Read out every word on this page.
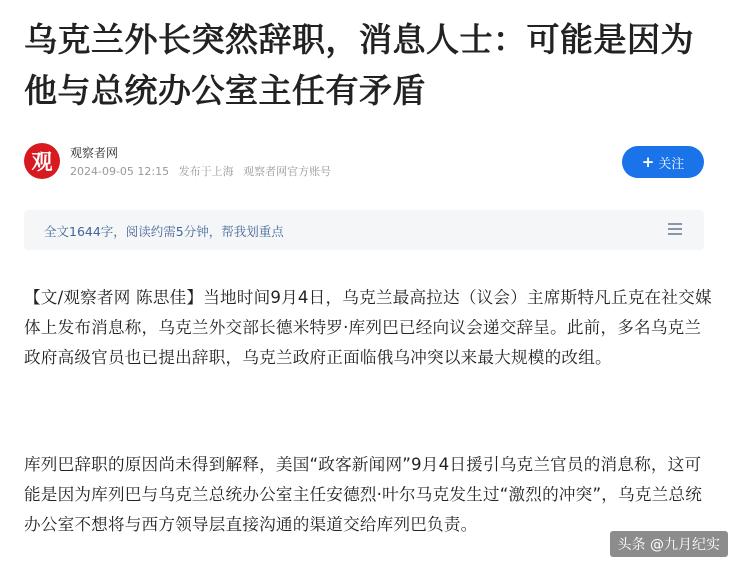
乌克兰外长突然辞职，消息人士：可能是因为他与总统办公室主任有矛盾
观 观察者网
2024-09-05 12:15 发布于上海 观察者网官方账号
+ 关注
全文1644字，阅读约需5分钟，帮我划重点

【文/观察者网 陈思佳】当地时间9月4日，乌克兰最高拉达（议会）主席斯特凡丘克在社交媒体上发布消息称，乌克兰外交部长德米特罗·库列巴已经向议会递交辞呈。此前，多名乌克兰政府高级官员也已提出辞职，乌克兰政府正面临俄乌冲突以来最大规模的改组。

库列巴辞职的原因尚未得到解释，美国“政客新闻网”9月4日援引乌克兰官员的消息称，这可能是因为库列巴与乌克兰总统办公室主任安德烈·叶尔马克发生过“激烈的冲突”，乌克兰总统办公室不想将与西方领导层直接沟通的渠道交给库列巴负责。

头条 @九月纪实
